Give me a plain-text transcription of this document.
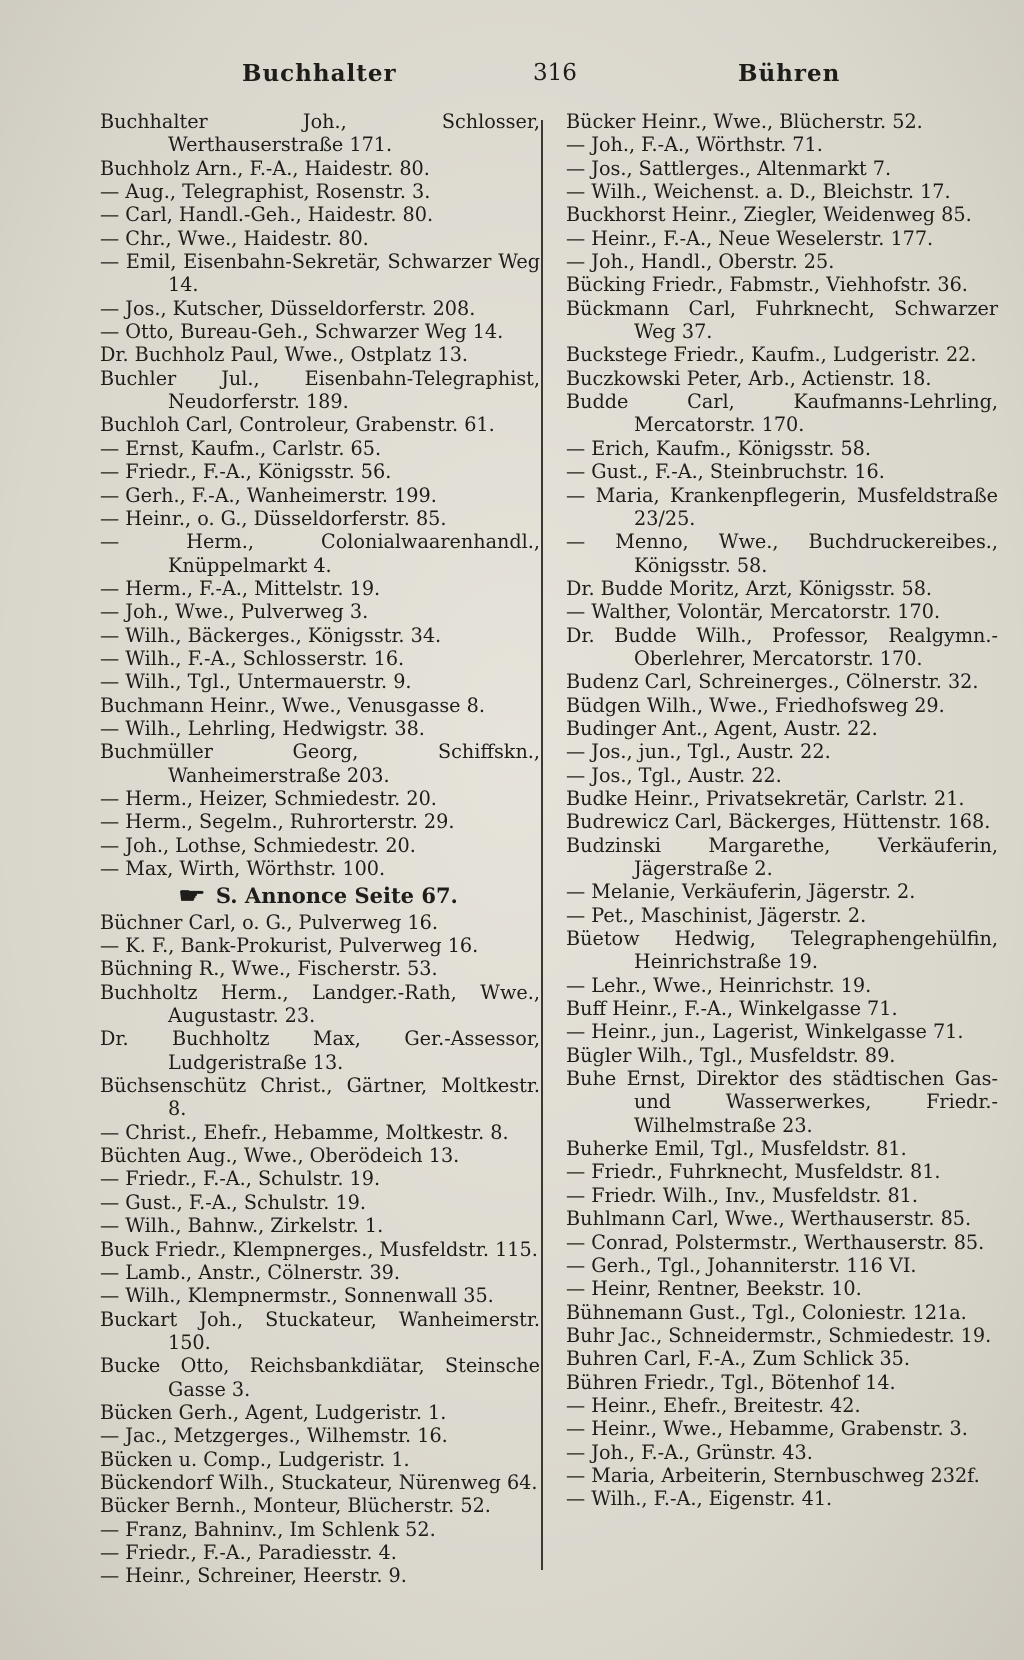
Buchhalter	316	Bühren
Buchhalter Joh., Schlosser, Werthauserstraße 171.
Buchholz Arn., F.-A., Haidestr. 80.
— Aug., Telegraphist, Rosenstr. 3.
— Carl, Handl.-Geh., Haidestr. 80.
— Chr., Wwe., Haidestr. 80.
— Emil, Eisenbahn-Sekretär, Schwarzer Weg 14.
— Jos., Kutscher, Düsseldorferstr. 208.
— Otto, Bureau-Geh., Schwarzer Weg 14.
Dr. Buchholz Paul, Wwe., Ostplatz 13.
Buchler Jul., Eisenbahn-Telegraphist, Neudorferstr. 189.
Buchloh Carl, Controleur, Grabenstr. 61.
— Ernst, Kaufm., Carlstr. 65.
— Friedr., F.-A., Königsstr. 56.
— Gerh., F.-A., Wanheimerstr. 199.
— Heinr., o. G., Düsseldorferstr. 85.
— Herm., Colonialwaarenhandl., Knüppelmarkt 4.
— Herm., F.-A., Mittelstr. 19.
— Joh., Wwe., Pulverweg 3.
— Wilh., Bäckerges., Königsstr. 34.
— Wilh., F.-A., Schlosserstr. 16.
— Wilh., Tgl., Untermauerstr. 9.
Buchmann Heinr., Wwe., Venusgasse 8.
— Wilh., Lehrling, Hedwigstr. 38.
Buchmüller Georg, Schiffskn., Wanheimerstraße 203.
— Herm., Heizer, Schmiedestr. 20.
— Herm., Segelm., Ruhrorterstr. 29.
— Joh., Lothse, Schmiedestr. 20.
— Max, Wirth, Wörthstr. 100.
☛ S. Annonce Seite 67.
Büchner Carl, o. G., Pulverweg 16.
— K. F., Bank-Prokurist, Pulverweg 16.
Büchning R., Wwe., Fischerstr. 53.
Buchholtz Herm., Landger.-Rath, Wwe., Augustastr. 23.
Dr. Buchholtz Max, Ger.-Assessor, Ludgeristraße 13.
Büchsenschütz Christ., Gärtner, Moltkestr. 8.
— Christ., Ehefr., Hebamme, Moltkestr. 8.
Büchten Aug., Wwe., Oberödeich 13.
— Friedr., F.-A., Schulstr. 19.
— Gust., F.-A., Schulstr. 19.
— Wilh., Bahnw., Zirkelstr. 1.
Buck Friedr., Klempnerges., Musfeldstr. 115.
— Lamb., Anstr., Cölnerstr. 39.
— Wilh., Klempnermstr., Sonnenwall 35.
Buckart Joh., Stuckateur, Wanheimerstr. 150.
Bucke Otto, Reichsbankdiätar, Steinsche Gasse 3.
Bücken Gerh., Agent, Ludgeristr. 1.
— Jac., Metzgerges., Wilhemstr. 16.
Bücken u. Comp., Ludgeristr. 1.
Bückendorf Wilh., Stuckateur, Nürenweg 64.
Bücker Bernh., Monteur, Blücherstr. 52.
— Franz, Bahninv., Im Schlenk 52.
— Friedr., F.-A., Paradiesstr. 4.
— Heinr., Schreiner, Heerstr. 9.
Bücker Heinr., Wwe., Blücherstr. 52.
— Joh., F.-A., Wörthstr. 71.
— Jos., Sattlerges., Altenmarkt 7.
— Wilh., Weichenst. a. D., Bleichstr. 17.
Buckhorst Heinr., Ziegler, Weidenweg 85.
— Heinr., F.-A., Neue Weselerstr. 177.
— Joh., Handl., Oberstr. 25.
Bücking Friedr., Fabmstr., Viehhofstr. 36.
Bückmann Carl, Fuhrknecht, Schwarzer Weg 37.
Buckstege Friedr., Kaufm., Ludgeristr. 22.
Buczkowski Peter, Arb., Actienstr. 18.
Budde Carl, Kaufmanns-Lehrling, Mercatorstr. 170.
— Erich, Kaufm., Königsstr. 58.
— Gust., F.-A., Steinbruchstr. 16.
— Maria, Krankenpflegerin, Musfeldstraße 23/25.
— Menno, Wwe., Buchdruckereibes., Königsstr. 58.
Dr. Budde Moritz, Arzt, Königsstr. 58.
— Walther, Volontär, Mercatorstr. 170.
Dr. Budde Wilh., Professor, Realgymn.-Oberlehrer, Mercatorstr. 170.
Budenz Carl, Schreinerges., Cölnerstr. 32.
Büdgen Wilh., Wwe., Friedhofsweg 29.
Budinger Ant., Agent, Austr. 22.
— Jos., jun., Tgl., Austr. 22.
— Jos., Tgl., Austr. 22.
Budke Heinr., Privatsekretär, Carlstr. 21.
Budrewicz Carl, Bäckerges, Hüttenstr. 168.
Budzinski Margarethe, Verkäuferin, Jägerstraße 2.
— Melanie, Verkäuferin, Jägerstr. 2.
— Pet., Maschinist, Jägerstr. 2.
Büetow Hedwig, Telegraphengehülfin, Heinrichstraße 19.
— Lehr., Wwe., Heinrichstr. 19.
Buff Heinr., F.-A., Winkelgasse 71.
— Heinr., jun., Lagerist, Winkelgasse 71.
Bügler Wilh., Tgl., Musfeldstr. 89.
Buhe Ernst, Direktor des städtischen Gas- und Wasserwerkes, Friedr.-Wilhelmstraße 23.
Buherke Emil, Tgl., Musfeldstr. 81.
— Friedr., Fuhrknecht, Musfeldstr. 81.
— Friedr. Wilh., Inv., Musfeldstr. 81.
Buhlmann Carl, Wwe., Werthauserstr. 85.
— Conrad, Polstermstr., Werthauserstr. 85.
— Gerh., Tgl., Johanniterstr. 116 VI.
— Heinr, Rentner, Beekstr. 10.
Bühnemann Gust., Tgl., Coloniestr. 121a.
Buhr Jac., Schneidermstr., Schmiedestr. 19.
Buhren Carl, F.-A., Zum Schlick 35.
Bühren Friedr., Tgl., Bötenhof 14.
— Heinr., Ehefr., Breitestr. 42.
— Heinr., Wwe., Hebamme, Grabenstr. 3.
— Joh., F.-A., Grünstr. 43.
— Maria, Arbeiterin, Sternbuschweg 232f.
— Wilh., F.-A., Eigenstr. 41.
